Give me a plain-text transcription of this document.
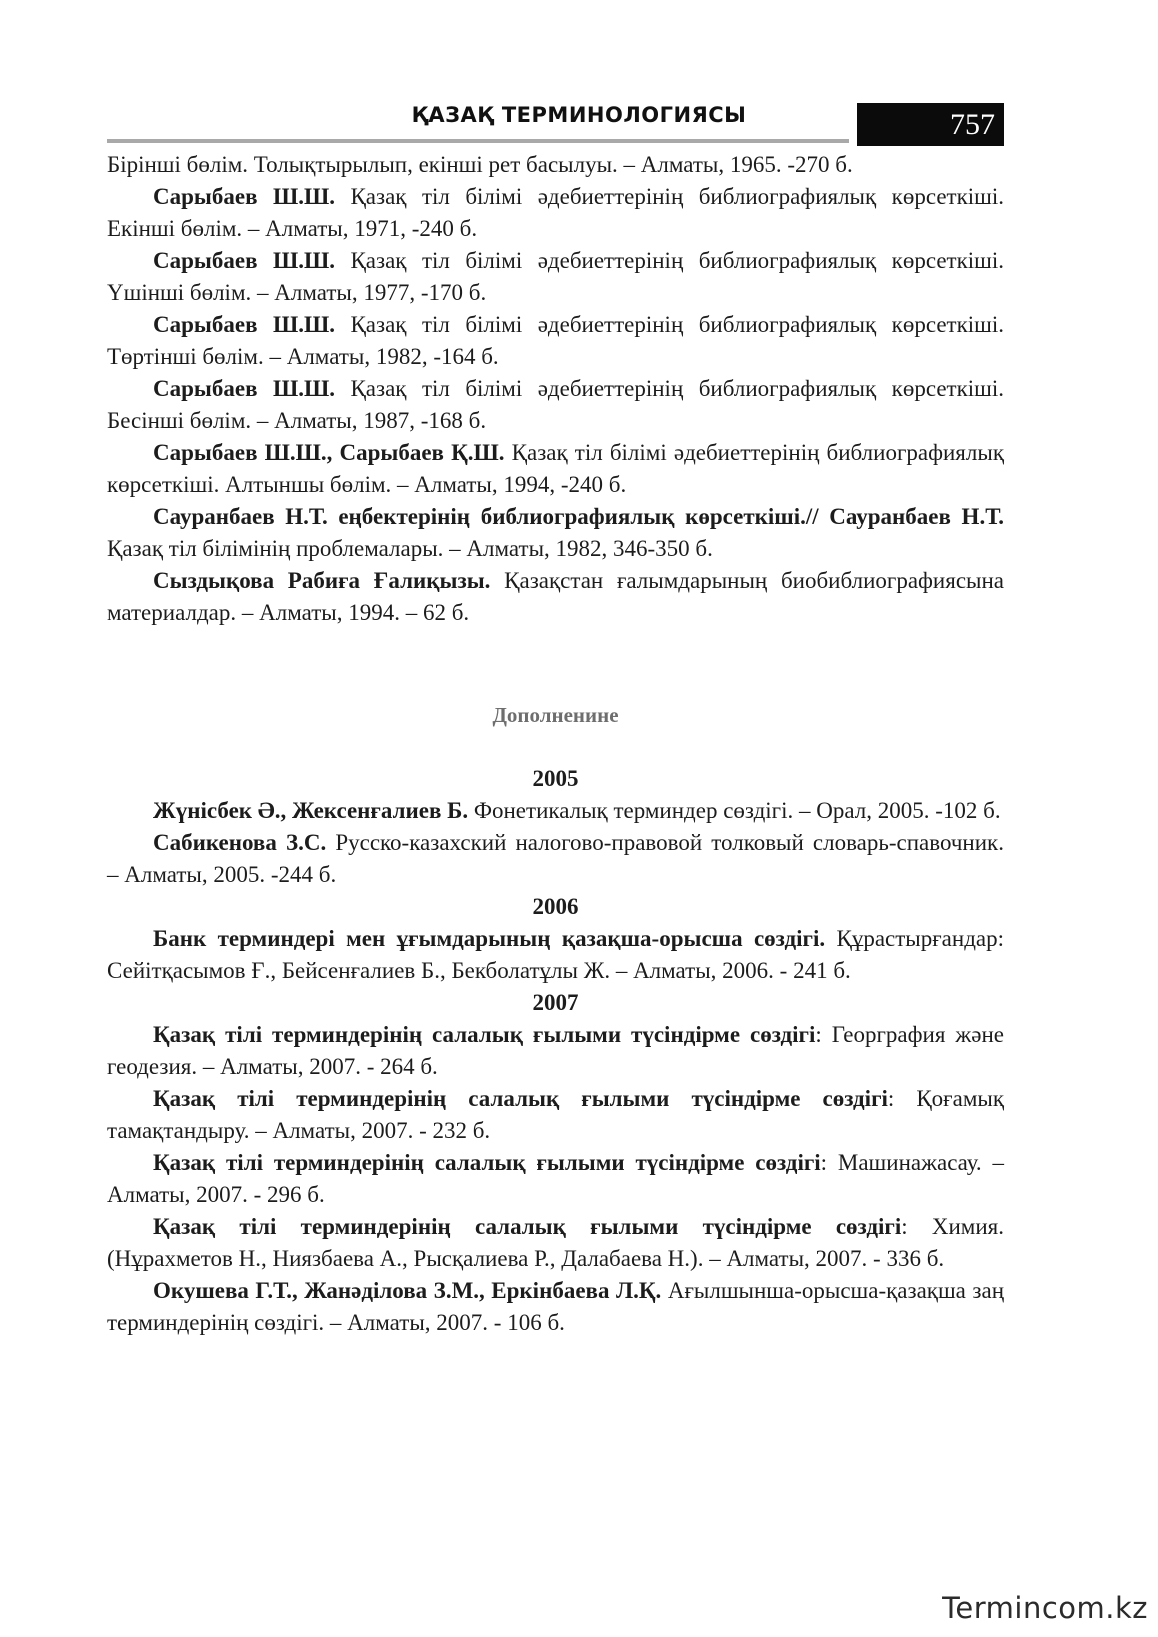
ҚАЗАҚ ТЕРМИНОЛОГИЯСЫ	757

Бірінші бөлім. Толықтырылып, екінші рет басылуы. – Алматы, 1965. -270 б.

Сарыбаев Ш.Ш. Қазақ тіл білімі әдебиеттерінің библиографиялық көрсеткіші. Екінші бөлім. – Алматы, 1971, -240 б.

Сарыбаев Ш.Ш. Қазақ тіл білімі әдебиеттерінің библиографиялық көрсеткіші. Үшінші бөлім. – Алматы, 1977, -170 б.

Сарыбаев Ш.Ш. Қазақ тіл білімі әдебиеттерінің библиографиялық көрсеткіші. Төртінші бөлім. – Алматы, 1982, -164 б.

Сарыбаев Ш.Ш. Қазақ тіл білімі әдебиеттерінің библиографиялық көрсеткіші. Бесінші бөлім. – Алматы, 1987, -168 б.

Сарыбаев Ш.Ш., Сарыбаев Қ.Ш. Қазақ тіл білімі әдебиеттерінің библиографиялық көрсеткіші. Алтыншы бөлім. – Алматы, 1994, -240 б.

Сауранбаев Н.Т. еңбектерінің библиографиялық көрсеткіші.// Сауранбаев Н.Т. Қазақ тіл білімінің проблемалары. – Алматы, 1982, 346-350 б.

Сыздықова Рабиға Ғалиқызы. Қазақстан ғалымдарының биобиблиографиясына материалдар. – Алматы, 1994. – 62 б.

Дополненине

2005

Жүнісбек Ә., Жексенғалиев Б. Фонетикалық терминдер сөздігі. – Орал, 2005. -102 б.

Сабикенова З.С. Русско-казахский налогово-правовой толковый словарь-спавочник. – Алматы, 2005. -244 б.

2006

Банк терминдері мен ұғымдарының қазақша-орысша сөздігі. Құрастырғандар: Сейітқасымов Ғ., Бейсенғалиев Б., Бекболатұлы Ж. – Алматы, 2006. - 241 б.

2007

Қазақ тілі терминдерінің салалық ғылыми түсіндірме сөздігі: Георграфия және геодезия. – Алматы, 2007. - 264 б.

Қазақ тілі терминдерінің салалық ғылыми түсіндірме сөздігі: Қоғамық тамақтандыру. – Алматы, 2007. - 232 б.

Қазақ тілі терминдерінің салалық ғылыми түсіндірме сөздігі: Машинажасау. – Алматы, 2007. - 296 б.

Қазақ тілі терминдерінің салалық ғылыми түсіндірме сөздігі: Химия. (Нұрахметов Н., Ниязбаева А., Рысқалиева Р., Далабаева Н.). – Алматы, 2007. - 336 б.

Окушева Г.Т., Жанәділова З.М., Еркінбаева Л.Қ. Ағылшынша-орысша-қазақша заң терминдерінің сөздігі. – Алматы, 2007. - 106 б.

Termincom.kz
